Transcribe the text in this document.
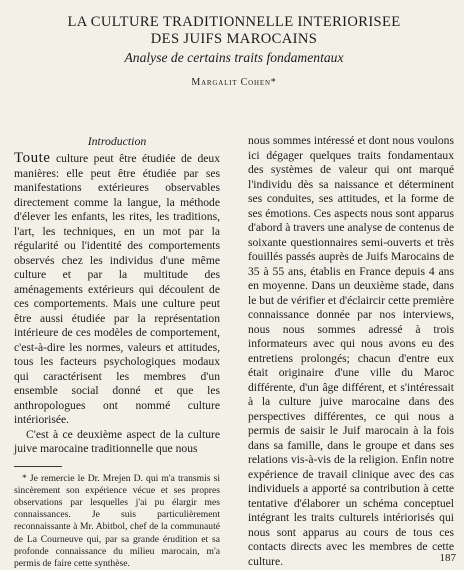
LA CULTURE TRADITIONNELLE INTERIORISEE

DES JUIFS MAROCAINS

Analyse de certains traits fondamentaux

Margalit Cohen*

Introduction

Toute culture peut être étudiée de deux manières: elle peut être étudiée par ses manifestations extérieures observables directement comme la langue, la méthode d'élever les enfants, les rites, les traditions, l'art, les techniques, en un mot par la régularité ou l'identité des comportements observés chez les individus d'une même culture et par la multitude des aménagements extérieurs qui découlent de ces comportements. Mais une culture peut être aussi étudiée par la représentation intérieure de ces modèles de comportement, c'est-à-dire les normes, valeurs et attitudes, tous les facteurs psychologiques modaux qui caractérisent les membres d'un ensemble social donné et que les anthropologues ont nommé culture intériorisée.

C'est à ce deuxième aspect de la culture juive marocaine traditionnelle que nous

* Je remercie le Dr. Mrejen D. qui m'a transmis si sincèrement son expérience vécue et ses propres observations par lesquelles j'ai pu élargir mes connaissances. Je suis particulièrement reconnaissante à Mr. Abitbol, chef de la communauté de La Courneuve qui, par sa grande érudition et sa profonde connaissance du milieu marocain, m'a permis de faire cette synthèse.

nous sommes intéressé et dont nous voulons ici dégager quelques traits fondamentaux des systèmes de valeur qui ont marqué l'individu dès sa naissance et déterminent ses conduites, ses attitudes, et la forme de ses émotions. Ces aspects nous sont apparus d'abord à travers une analyse de contenus de soixante questionnaires semi-ouverts et très fouillés passés auprès de Juifs Marocains de 35 à 55 ans, établis en France depuis 4 ans en moyenne. Dans un deuxième stade, dans le but de vérifier et d'éclaircir cette première connaissance donnée par nos interviews, nous nous sommes adressé à trois informateurs avec qui nous avons eu des entretiens prolongés; chacun d'entre eux était originaire d'une ville du Maroc différente, d'un âge différent, et s'intéressait à la culture juive marocaine dans des perspectives différentes, ce qui nous a permis de saisir le Juif marocain à la fois dans sa famille, dans le groupe et dans ses relations vis-à-vis de la religion. Enfin notre expérience de travail clinique avec des cas individuels a apporté sa contribution à cette tentative d'élaborer un schéma conceptuel intégrant les traits culturels intériorisés qui nous sont apparus au cours de tous ces contacts directs avec les membres de cette culture.	187
